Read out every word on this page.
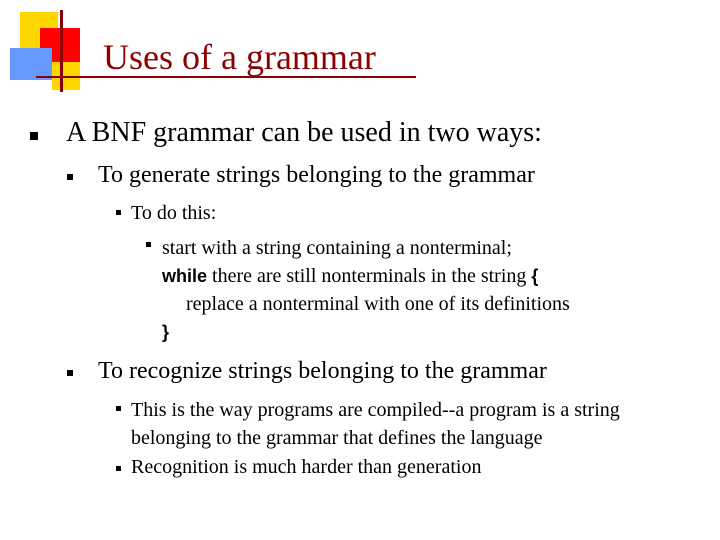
Uses of a grammar
A BNF grammar can be used in two ways:
To generate strings belonging to the grammar
To do this:
start with a string containing a nonterminal;
while there are still nonterminals in the string {
replace a nonterminal with one of its definitions
}
To recognize strings belonging to the grammar
This is the way programs are compiled--a program is a string belonging to the grammar that defines the language
Recognition is much harder than generation
